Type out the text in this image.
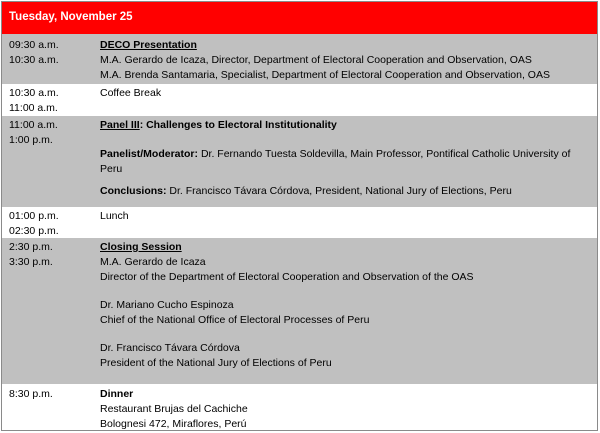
Tuesday, November 25
09:30 a.m.
10:30 a.m.
DECO Presentation
M.A. Gerardo de Icaza, Director, Department of Electoral Cooperation and Observation, OAS
M.A. Brenda Santamaria, Specialist, Department of Electoral Cooperation and Observation, OAS
10:30 a.m.
11:00 a.m.
Coffee Break
11:00 a.m.
1:00 p.m.
Panel III: Challenges to Electoral Institutionality
Panelist/Moderator: Dr. Fernando Tuesta Soldevilla, Main Professor, Pontifical Catholic University of Peru
Conclusions: Dr. Francisco Távara Córdova, President, National Jury of Elections, Peru
01:00 p.m.
02:30 p.m.
Lunch
2:30 p.m.
3:30 p.m.
Closing Session
M.A. Gerardo de Icaza
Director of the Department of Electoral Cooperation and Observation of the OAS
Dr. Mariano Cucho Espinoza
Chief of the National Office of Electoral Processes of Peru
Dr. Francisco Távara Córdova
President of the National Jury of Elections of Peru
8:30 p.m.	Dinner
Restaurant Brujas del Cachiche
Bolognesi 472, Miraflores, Perú
